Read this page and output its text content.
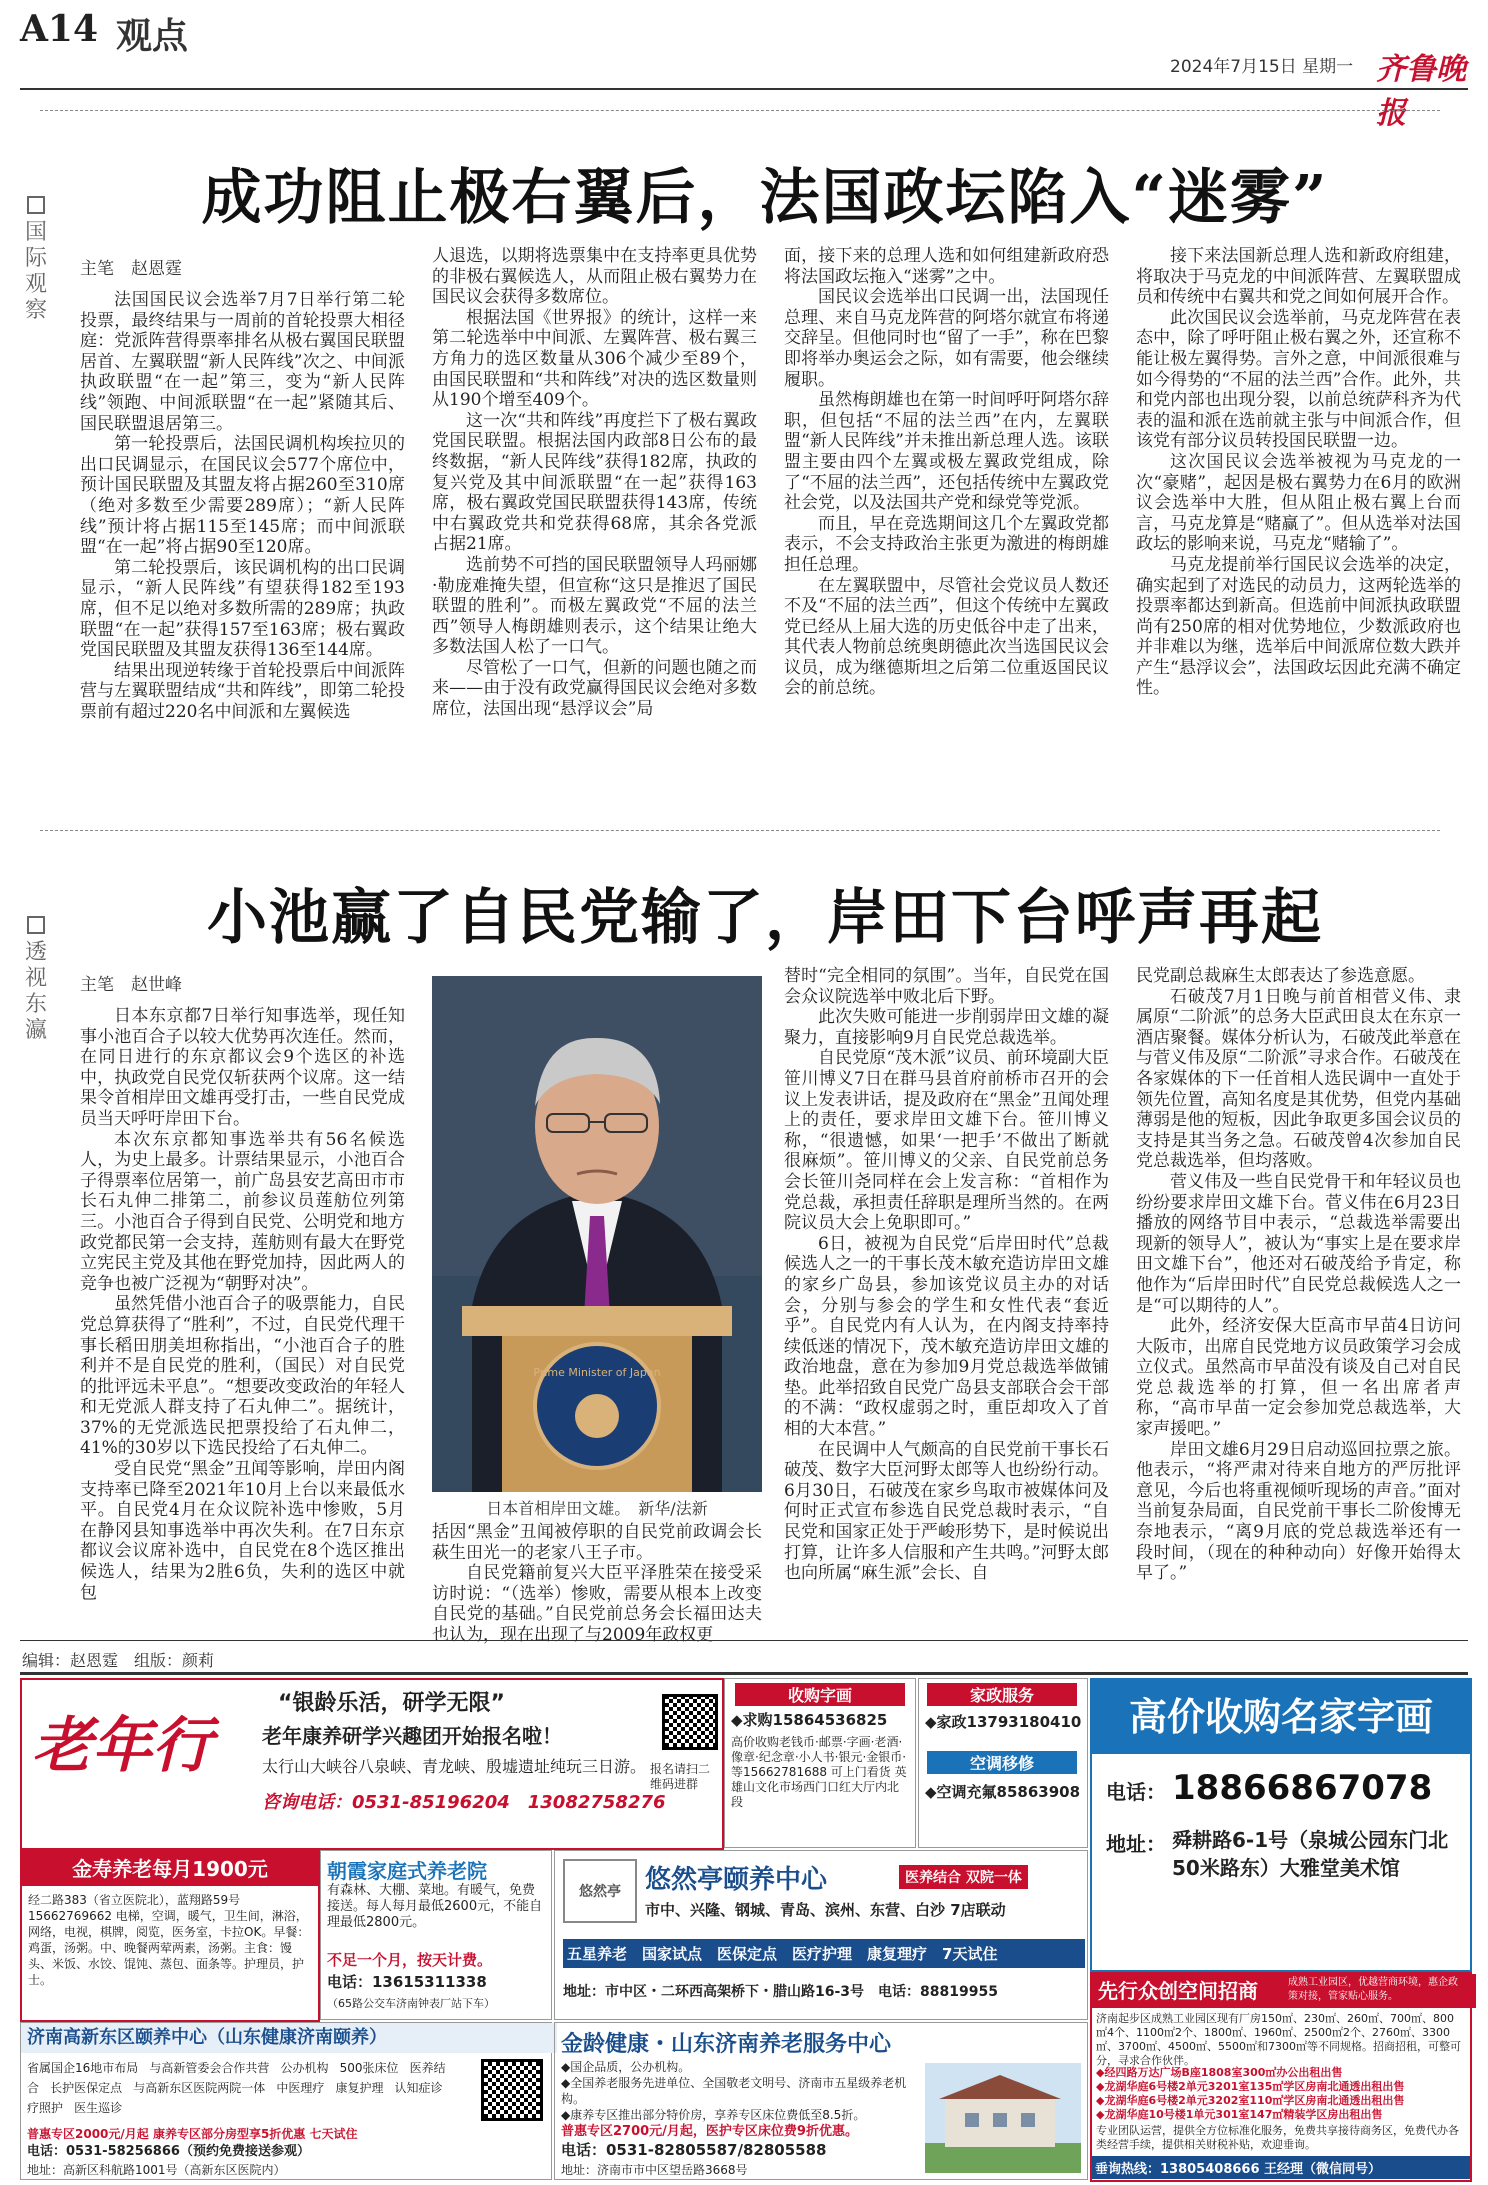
A14 观点
2024年7月15日 星期一 齐鲁晚报
国
际
观
察
成功阻止极右翼后，法国政坛陷入“迷雾”
主笔　赵恩霆

法国国民议会选举7月7日举行第二轮投票，最终结果与一周前的首轮投票大相径庭：党派阵营得票率排名从极右翼国民联盟居首、左翼联盟“新人民阵线”次之、中间派执政联盟“在一起”第三，变为“新人民阵线”领跑、中间派联盟“在一起”紧随其后、国民联盟退居第三。

第一轮投票后，法国民调机构埃拉贝的出口民调显示，在国民议会577个席位中，预计国民联盟及其盟友将占据260至310席（绝对多数至少需要289席）；“新人民阵线”预计将占据115至145席；而中间派联盟“在一起”将占据90至120席。

第二轮投票后，该民调机构的出口民调显示，“新人民阵线”有望获得182至193席，但不足以绝对多数所需的289席；执政联盟“在一起”获得157至163席；极右翼政党国民联盟及其盟友获得136至144席。

结果出现逆转缘于首轮投票后中间派阵营与左翼联盟结成“共和阵线”，即第二轮投票前有超过220名中间派和左翼候选

人退选，以期将选票集中在支持率更具优势的非极右翼候选人，从而阻止极右翼势力在国民议会获得多数席位。

根据法国《世界报》的统计，这样一来第二轮选举中中间派、左翼阵营、极右翼三方角力的选区数量从306个减少至89个，由国民联盟和“共和阵线”对决的选区数量则从190个增至409个。

这一次“共和阵线”再度拦下了极右翼政党国民联盟。根据法国内政部8日公布的最终数据，“新人民阵线”获得182席，执政的复兴党及其中间派联盟“在一起”获得163席，极右翼政党国民联盟获得143席，传统中右翼政党共和党获得68席，其余各党派占据21席。

选前势不可挡的国民联盟领导人玛丽娜·勒庞难掩失望，但宣称“这只是推迟了国民联盟的胜利”。而极左翼政党“不屈的法兰西”领导人梅朗雄则表示，这个结果让绝大多数法国人松了一口气。

尽管松了一口气，但新的问题也随之而来——由于没有政党赢得国民议会绝对多数席位，法国出现“悬浮议会”局

面，接下来的总理人选和如何组建新政府恐将法国政坛拖入“迷雾”之中。

国民议会选举出口民调一出，法国现任总理、来自马克龙阵营的阿塔尔就宣布将递交辞呈。但他同时也“留了一手”，称在巴黎即将举办奥运会之际，如有需要，他会继续履职。

虽然梅朗雄也在第一时间呼吁阿塔尔辞职，但包括“不屈的法兰西”在内，左翼联盟“新人民阵线”并未推出新总理人选。该联盟主要由四个左翼或极左翼政党组成，除了“不屈的法兰西”，还包括传统中左翼政党社会党，以及法国共产党和绿党等党派。

而且，早在竞选期间这几个左翼政党都表示，不会支持政治主张更为激进的梅朗雄担任总理。

在左翼联盟中，尽管社会党议员人数还不及“不屈的法兰西”，但这个传统中左翼政党已经从上届大选的历史低谷中走了出来，其代表人物前总统奥朗德此次当选国民议会议员，成为继德斯坦之后第二位重返国民议会的前总统。

接下来法国新总理人选和新政府组建，将取决于马克龙的中间派阵营、左翼联盟成员和传统中右翼共和党之间如何展开合作。

此次国民议会选举前，马克龙阵营在表态中，除了呼吁阻止极右翼之外，还宣称不能让极左翼得势。言外之意，中间派很难与如今得势的“不屈的法兰西”合作。此外，共和党内部也出现分裂，以前总统萨科齐为代表的温和派在选前就主张与中间派合作，但该党有部分议员转投国民联盟一边。

这次国民议会选举被视为马克龙的一次“豪赌”，起因是极右翼势力在6月的欧洲议会选举中大胜，但从阻止极右翼上台而言，马克龙算是“赌赢了”。但从选举对法国政坛的影响来说，马克龙“赌输了”。

马克龙提前举行国民议会选举的决定，确实起到了对选民的动员力，这两轮选举的投票率都达到新高。但选前中间派执政联盟尚有250席的相对优势地位，少数派政府也并非难以为继，选举后中间派席位数大跌并产生“悬浮议会”，法国政坛因此充满不确定性。

透
视
东
瀛
小池赢了自民党输了，岸田下台呼声再起
主笔　赵世峰

日本东京都7日举行知事选举，现任知事小池百合子以较大优势再次连任。然而，在同日进行的东京都议会9个选区的补选中，执政党自民党仅斩获两个议席。这一结果令首相岸田文雄再受打击，一些自民党成员当天呼吁岸田下台。

本次东京都知事选举共有56名候选人，为史上最多。计票结果显示，小池百合子得票率位居第一，前广岛县安艺高田市市长石丸伸二排第二，前参议员莲舫位列第三。小池百合子得到自民党、公明党和地方政党都民第一会支持，莲舫则有最大在野党立宪民主党及其他在野党加持，因此两人的竞争也被广泛视为“朝野对决”。

虽然凭借小池百合子的吸票能力，自民党总算获得了“胜利”，不过，自民党代理干事长稻田朋美坦称指出，“小池百合子的胜利并不是自民党的胜利，（国民）对自民党的批评远未平息”。“想要改变政治的年轻人和无党派人群支持了石丸伸二”。据统计，37%的无党派选民把票投给了石丸伸二，41%的30岁以下选民投给了石丸伸二。

受自民党“黑金”丑闻等影响，岸田内阁支持率已降至2021年10月上台以来最低水平。自民党4月在众议院补选中惨败，5月在静冈县知事选举中再次失利。在7日东京都议会议席补选中，自民党在8个选区推出候选人，结果为2胜6负，失利的选区中就包

Prime Minister of Japan
日本首相岸田文雄。　新华/法新

括因“黑金”丑闻被停职的自民党前政调会长萩生田光一的老家八王子市。

自民党籍前复兴大臣平泽胜荣在接受采访时说：“（选举）惨败，需要从根本上改变自民党的基础。”自民党前总务会长福田达夫也认为，现在出现了与2009年政权更

替时“完全相同的氛围”。当年，自民党在国会众议院选举中败北后下野。

此次失败可能进一步削弱岸田文雄的凝聚力，直接影响9月自民党总裁选举。

自民党原“茂木派”议员、前环境副大臣笹川博义7日在群马县首府前桥市召开的会议上发表讲话，提及政府在“黑金”丑闻处理上的责任，要求岸田文雄下台。笹川博义称，“很遗憾，如果‘一把手’不做出了断就很麻烦”。笹川博义的父亲、自民党前总务会长笹川尧同样在会上发言称：“首相作为党总裁，承担责任辞职是理所当然的。在两院议员大会上免职即可。”

6日，被视为自民党“后岸田时代”总裁候选人之一的干事长茂木敏充造访岸田文雄的家乡广岛县，参加该党议员主办的对话会，分别与参会的学生和女性代表“套近乎”。自民党内有人认为，在内阁支持率持续低迷的情况下，茂木敏充造访岸田文雄的政治地盘，意在为参加9月党总裁选举做铺垫。此举招致自民党广岛县支部联合会干部的不满：“政权虚弱之时，重臣却攻入了首相的大本营。”

在民调中人气颇高的自民党前干事长石破茂、数字大臣河野太郎等人也纷纷行动。6月30日，石破茂在家乡鸟取市被媒体问及何时正式宣布参选自民党总裁时表示，“自民党和国家正处于严峻形势下，是时候说出打算，让许多人信服和产生共鸣。”河野太郎也向所属“麻生派”会长、自

民党副总裁麻生太郎表达了参选意愿。

石破茂7月1日晚与前首相菅义伟、隶属原“二阶派”的总务大臣武田良太在东京一酒店聚餐。媒体分析认为，石破茂此举意在与菅义伟及原“二阶派”寻求合作。石破茂在各家媒体的下一任首相人选民调中一直处于领先位置，高知名度是其优势，但党内基础薄弱是他的短板，因此争取更多国会议员的支持是其当务之急。石破茂曾4次参加自民党总裁选举，但均落败。

菅义伟及一些自民党骨干和年轻议员也纷纷要求岸田文雄下台。菅义伟在6月23日播放的网络节目中表示，“总裁选举需要出现新的领导人”，被认为“事实上是在要求岸田文雄下台”，他还对石破茂给予肯定，称他作为“后岸田时代”自民党总裁候选人之一是“可以期待的人”。

此外，经济安保大臣高市早苗4日访问大阪市，出席自民党地方议员政策学习会成立仪式。虽然高市早苗没有谈及自己对自民党总裁选举的打算，但一名出席者声称，“高市早苗一定会参加党总裁选举，大家声援吧。”

岸田文雄6月29日启动巡回拉票之旅。他表示，“将严肃对待来自地方的严厉批评意见，今后也将重视倾听现场的声音。”面对当前复杂局面，自民党前干事长二阶俊博无奈地表示，“离9月底的党总裁选举还有一段时间，（现在的种种动向）好像开始得太早了。”

编辑：赵恩霆　组版：颜莉
老年行
“银龄乐活，研学无限”
老年康养研学兴趣团开始报名啦！
太行山大峡谷八泉峡、青龙峡、殷墟遗址纯玩三日游。
咨询电话：0531-85196204　13082758276
报名请扫二维码进群
收购字画
◆求购15864536825
高价收购老钱币·邮票·字画·老酒·像章·纪念章·小人书·银元·金银币·等15662781688 可上门看货 英雄山文化市场西门口红大厅内北段
家政服务
◆家政13793180410
空调移修
◆空调充氟85863908
高价收购名家字画
电话： 18866867078
地址： 舜耕路6-1号（泉城公园东门北50米路东）大雅堂美术馆
金寿养老每月1900元
经二路383（省立医院北），蓝翔路59号 15662769662 电梯，空调，暖气，卫生间，淋浴，网络，电视，棋牌，阅览，医务室，卡拉OK。早餐：鸡蛋，汤粥。中、晚餐两荤两素，汤粥。主食：馒头、米饭、水饺、馄饨、蒸包、面条等。护理员，护士。
朝霞家庭式养老院
有森林、大棚、菜地。有暖气，免费接送。每人每月最低2600元，不能自理最低2800元。
不足一个月，按天计费。
电话：13615311338
（65路公交车济南钟表厂站下车）
悠然亭 悠然亭颐养中心	医养结合 双院一体
市中、兴隆、钢城、青岛、滨州、东营、白沙 7店联动
五星养老　国家试点　医保定点　医疗护理　康复理疗　7天试住
地址：市中区・二环西高架桥下・腊山路16-3号　电话：88819955	先行众创空间招商	成熟工业园区，优越营商环境，惠企政策对接，管家贴心服务。
济南起步区成熟工业园区现有厂房150㎡、230㎡、260㎡、700㎡、800㎡4个、1100㎡2个、1800㎡、1960㎡、2500㎡2个、2760㎡、3300㎡、3700㎡、4500㎡、5500㎡和7300㎡等不同规格。招商招租，可整可分，寻求合作伙伴。
◆经四路万达广场B座1808室300㎡办公出租出售
◆龙湖华庭6号楼2单元3201室135㎡学区房南北通透出租出售
◆龙湖华庭6号楼2单元3202室110㎡学区房南北通透出租出售
◆龙湖华庭10号楼1单元301室147㎡精装学区房出租出售
专业团队运营，提供全方位标准化服务，免费共享接待商务区，免费代办各类经营手续，提供相关财税补贴，欢迎垂询。
垂询热线：13805408666 王经理（微信同号）
济南高新东区颐养中心（山东健康济南颐养）
省属国企16地市布局 与高新管委会合作共营 公办机构 500张床位 医养结合 长护医保定点 与高新东区医院两院一体 中医理疗 康复护理 认知症诊疗照护 医生巡诊
普惠专区2000元/月起 康养专区部分房型享5折优惠 七天试住
电话：0531-58256866（预约免费接送参观）
地址：高新区科航路1001号（高新东区医院内）
金龄健康・山东济南养老服务中心
◆国企品质，公办机构。
◆全国养老服务先进单位、全国敬老文明号、济南市五星级养老机构。
◆康养专区推出部分特价房，享养专区床位费低至8.5折。
普惠专区2700元/月起，医护专区床位费9折优惠。
电话：0531-82805587/82805588
地址：济南市市中区望岳路3668号
